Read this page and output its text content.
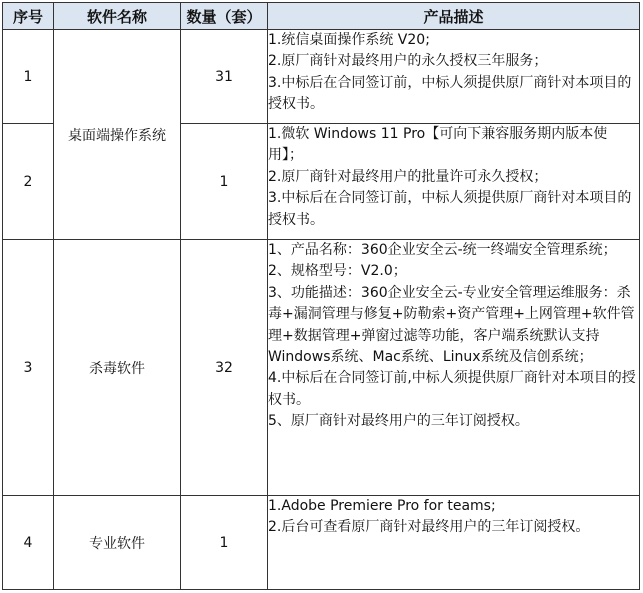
序号	软件名称	数量（套）	产品描述
1	桌面端操作系统	31	1.统信桌面操作系统 V20;
2.原厂商针对最终用户的永久授权三年服务；
3.中标后在合同签订前，中标人须提供原厂商针对本项目的授权书。

2		1	1.微软 Windows 11 Pro【可向下兼容服务期内版本使用】；
2.原厂商针对最终用户的批量许可永久授权；
3.中标后在合同签订前，中标人须提供原厂商针对本项目的授权书。

3	杀毒软件	32	1、产品名称：360企业安全云-统一终端安全管理系统；
2、规格型号：V2.0；
3、功能描述：360企业安全云-专业安全管理运维服务：杀毒+漏洞管理与修复+防勒索+资产管理+上网管理+软件管理+数据管理+弹窗过滤等功能，客户端系统默认支持Windows系统、Mac系统、Linux系统及信创系统；
4.中标后在合同签订前,中标人须提供原厂商针对本项目的授权书。
5、原厂商针对最终用户的三年订阅授权。

4	专业软件	1	1.Adobe Premiere Pro for teams;
2.后台可查看原厂商针对最终用户的三年订阅授权。
